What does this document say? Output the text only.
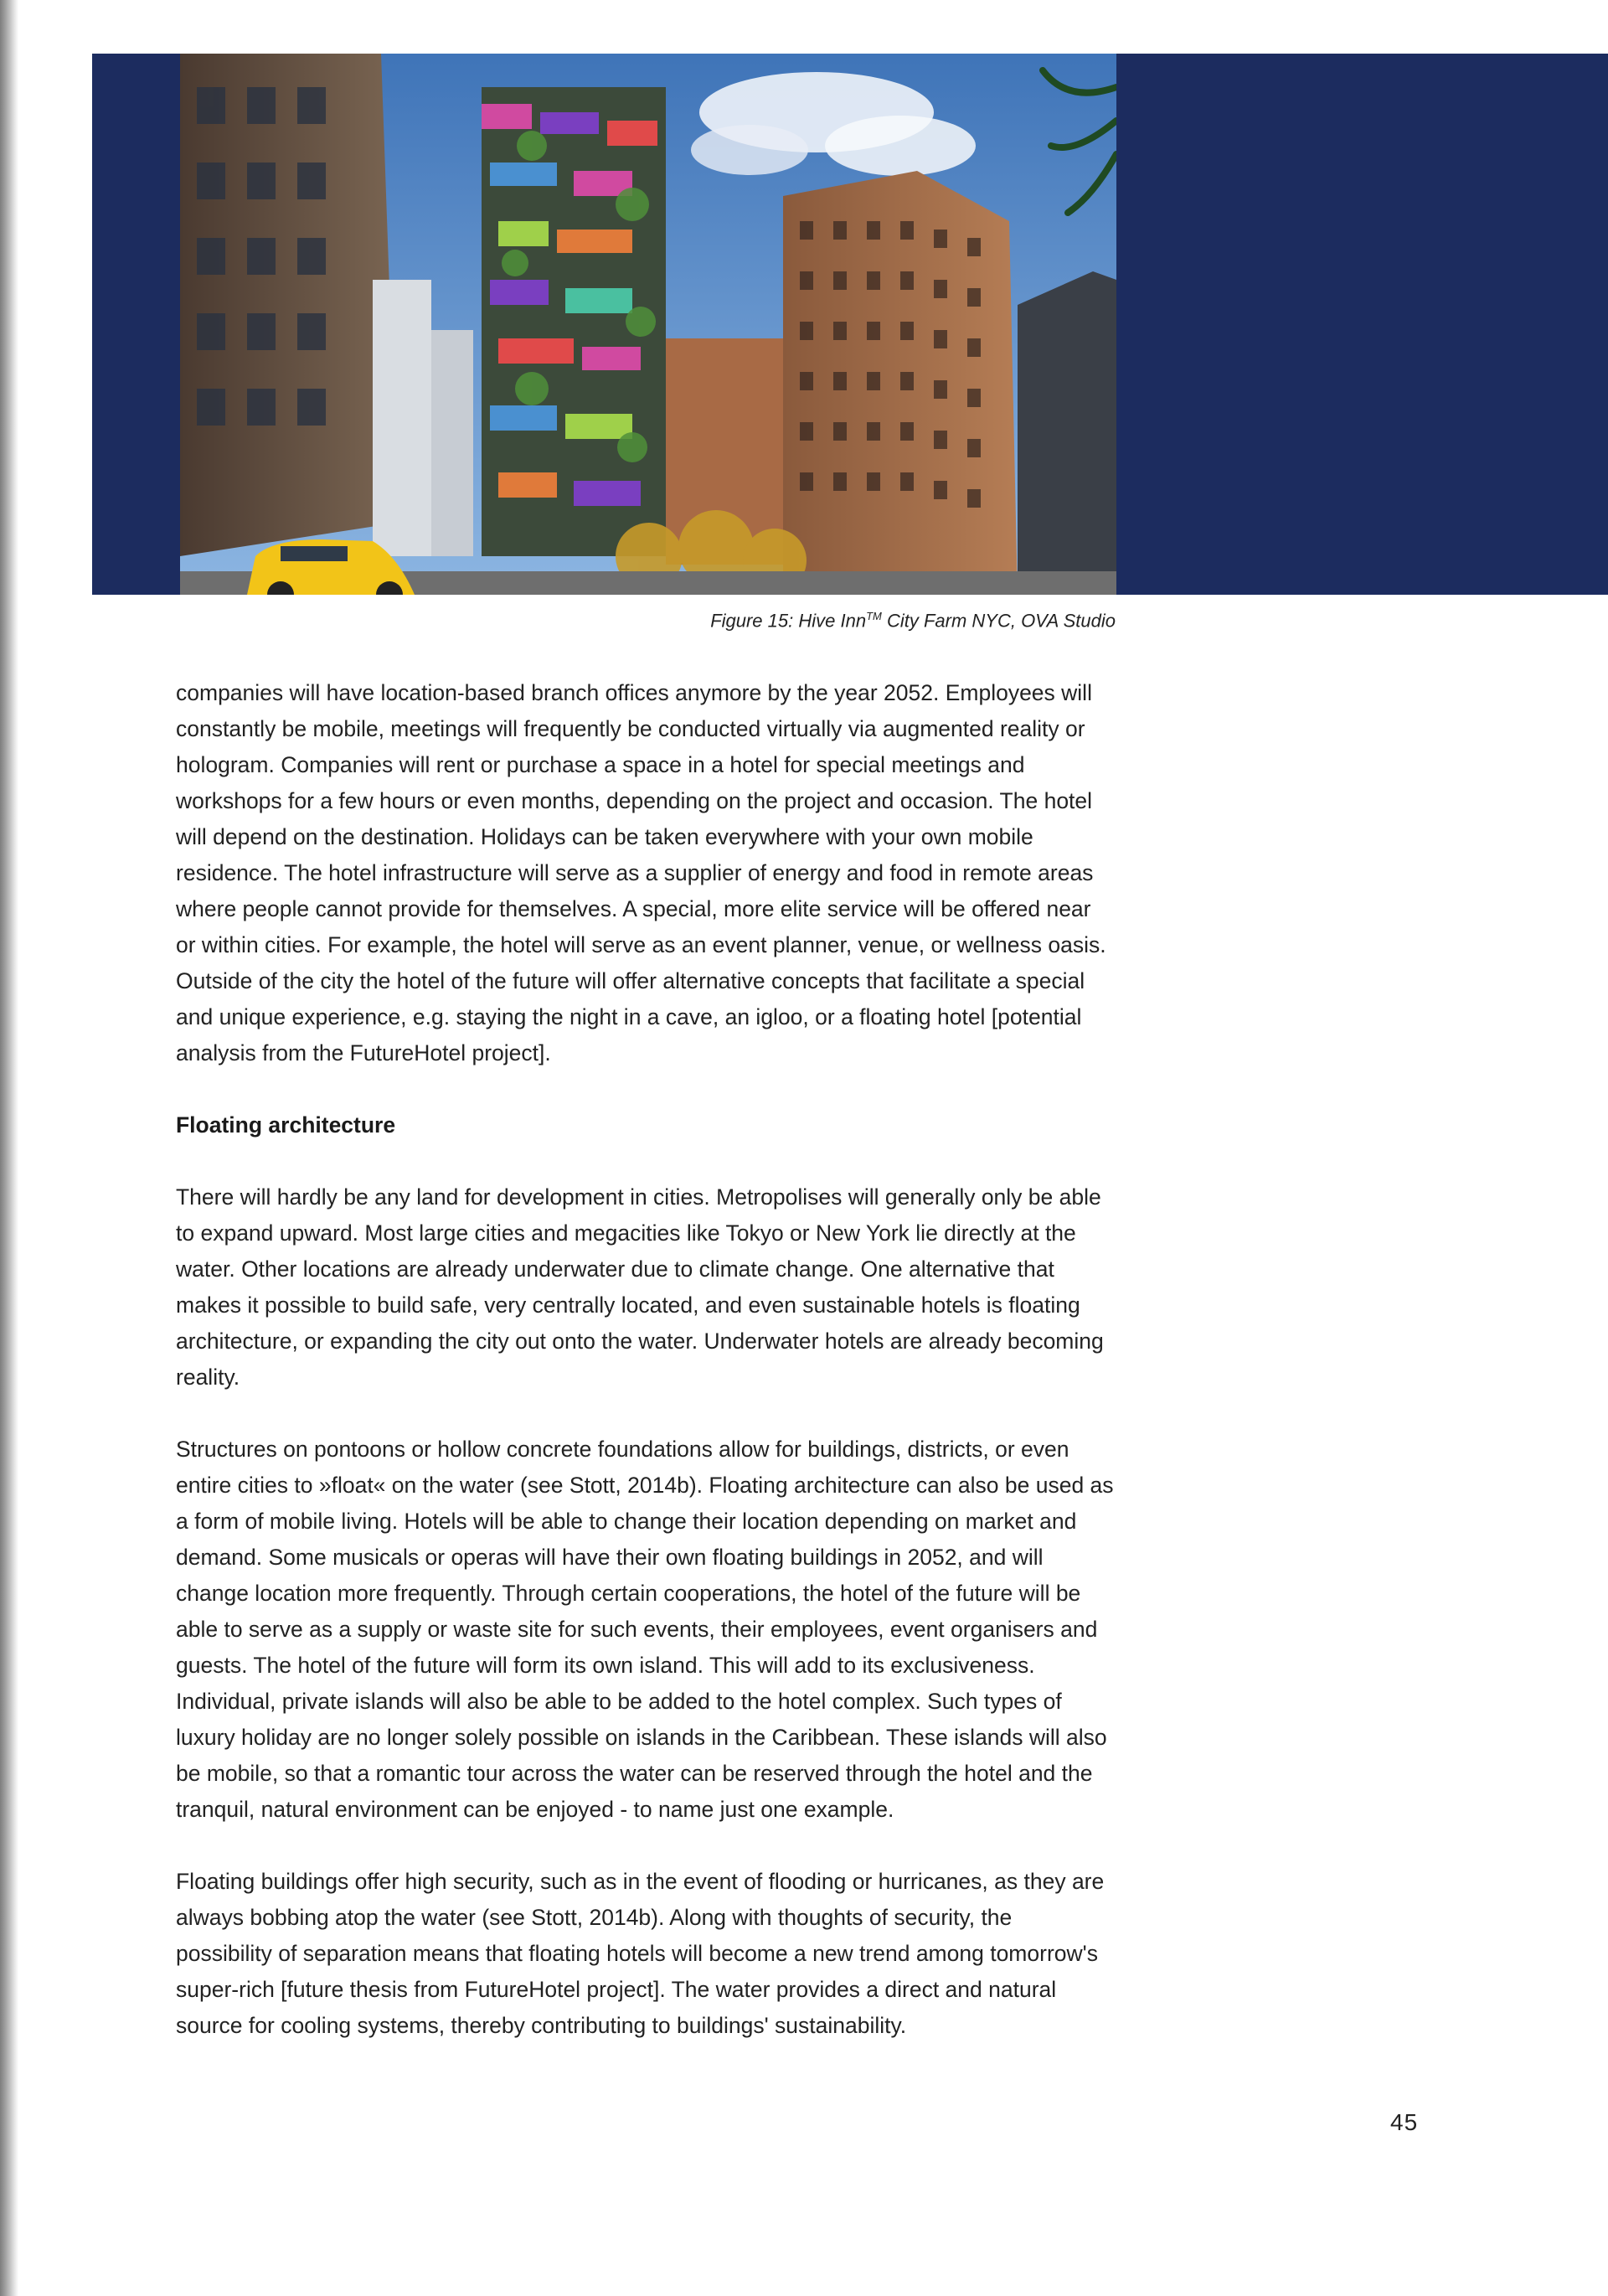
Figure 15: Hive Inn™ City Farm NYC, OVA Studio

companies will have location-based branch offices anymore by the year 2052. Employees will constantly be mobile, meetings will frequently be conducted virtually via augmented reality or hologram. Companies will rent or purchase a space in a hotel for special meetings and workshops for a few hours or even months, depending on the project and occasion. The hotel will depend on the destination. Holidays can be taken everywhere with your own mobile residence. The hotel infrastructure will serve as a supplier of energy and food in remote areas where people cannot provide for themselves. A special, more elite service will be offered near or within cities. For example, the hotel will serve as an event planner, venue, or wellness oasis. Outside of the city the hotel of the future will offer alternative concepts that facilitate a special and unique experience, e.g. staying the night in a cave, an igloo, or a floating hotel [potential analysis from the FutureHotel project].

Floating architecture

There will hardly be any land for development in cities. Metropolises will generally only be able to expand upward. Most large cities and megacities like Tokyo or New York lie directly at the water. Other locations are already underwater due to climate change. One alternative that makes it possible to build safe, very centrally located, and even sustainable hotels is floating architecture, or expanding the city out onto the water. Underwater hotels are already becoming reality.

Structures on pontoons or hollow concrete foundations allow for buildings, districts, or even entire cities to »float« on the water (see Stott, 2014b). Floating architecture can also be used as a form of mobile living. Hotels will be able to change their location depending on market and demand. Some musicals or operas will have their own floating buildings in 2052, and will change location more frequently. Through certain cooperations, the hotel of the future will be able to serve as a supply or waste site for such events, their employees, event organisers and guests. The hotel of the future will form its own island. This will add to its exclusiveness. Individual, private islands will also be able to be added to the hotel complex. Such types of luxury holiday are no longer solely possible on islands in the Caribbean. These islands will also be mobile, so that a romantic tour across the water can be reserved through the hotel and the tranquil, natural environment can be enjoyed - to name just one example.

Floating buildings offer high security, such as in the event of flooding or hurricanes, as they are always bobbing atop the water (see Stott, 2014b). Along with thoughts of security, the possibility of separation means that floating hotels will become a new trend among tomorrow's super-rich [future thesis from FutureHotel project]. The water provides a direct and natural source for cooling systems, thereby contributing to buildings' sustainability.

45
